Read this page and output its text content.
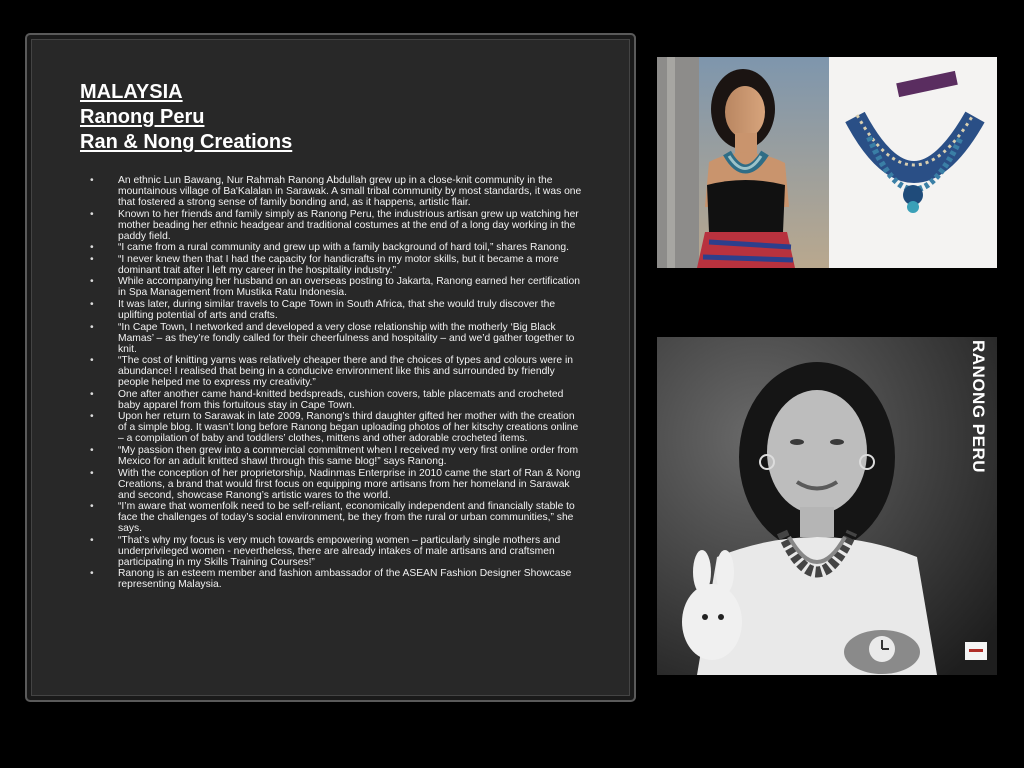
MALAYSIA
Ranong Peru
Ran & Nong Creations
• An ethnic Lun Bawang, Nur Rahmah Ranong Abdullah grew up in a close-knit community in the mountainous village of Ba'Kalalan in Sarawak. A small tribal community by most standards, it was one that fostered a strong sense of family bonding and, as it happens, artistic flair.
• Known to her friends and family simply as Ranong Peru, the industrious artisan grew up watching her mother beading her ethnic headgear and traditional costumes at the end of a long day working in the paddy field.
• “I came from a rural community and grew up with a family background of hard toil,” shares Ranong.
• “I never knew then that I had the capacity for handicrafts in my motor skills, but it became a more dominant trait after I left my career in the hospitality industry.”
• While accompanying her husband on an overseas posting to Jakarta, Ranong earned her certification in Spa Management from Mustika Ratu Indonesia.
• It was later, during similar travels to Cape Town in South Africa, that she would truly discover the uplifting potential of arts and crafts.
• “In Cape Town, I networked and developed a very close relationship with the motherly ‘Big Black Mamas’ – as they’re fondly called for their cheerfulness and hospitality – and we’d gather together to knit.
• “The cost of knitting yarns was relatively cheaper there and the choices of types and colours were in abundance! I realised that being in a conducive environment like this and surrounded by friendly people helped me to express my creativity.”
• One after another came hand-knitted bedspreads, cushion covers, table placemats and crocheted baby apparel from this fortuitous stay in Cape Town.
• Upon her return to Sarawak in late 2009, Ranong’s third daughter gifted her mother with the creation of a simple blog. It wasn’t long before Ranong began uploading photos of her kitschy creations online – a compilation of baby and toddlers’ clothes, mittens and other adorable crocheted items.
• “My passion then grew into a commercial commitment when I received my very first online order from Mexico for an adult knitted shawl through this same blog!” says Ranong.
• With the conception of her proprietorship, Nadinmas Enterprise in 2010 came the start of Ran & Nong Creations, a brand that would first focus on equipping more artisans from her homeland in Sarawak and second, showcase Ranong’s artistic wares to the world.
• “I’m aware that womenfolk need to be self-reliant, economically independent and financially stable to face the challenges of today’s social environment, be they from the rural or urban communities,” she says.
• “That’s why my focus is very much towards empowering women – particularly single mothers and underprivileged women - nevertheless, there are already intakes of male artisans and craftsmen participating in my Skills Training Courses!”
• Ranong is an esteem member and fashion ambassador of the ASEAN Fashion Designer Showcase representing Malaysia.
RANONG PERU
